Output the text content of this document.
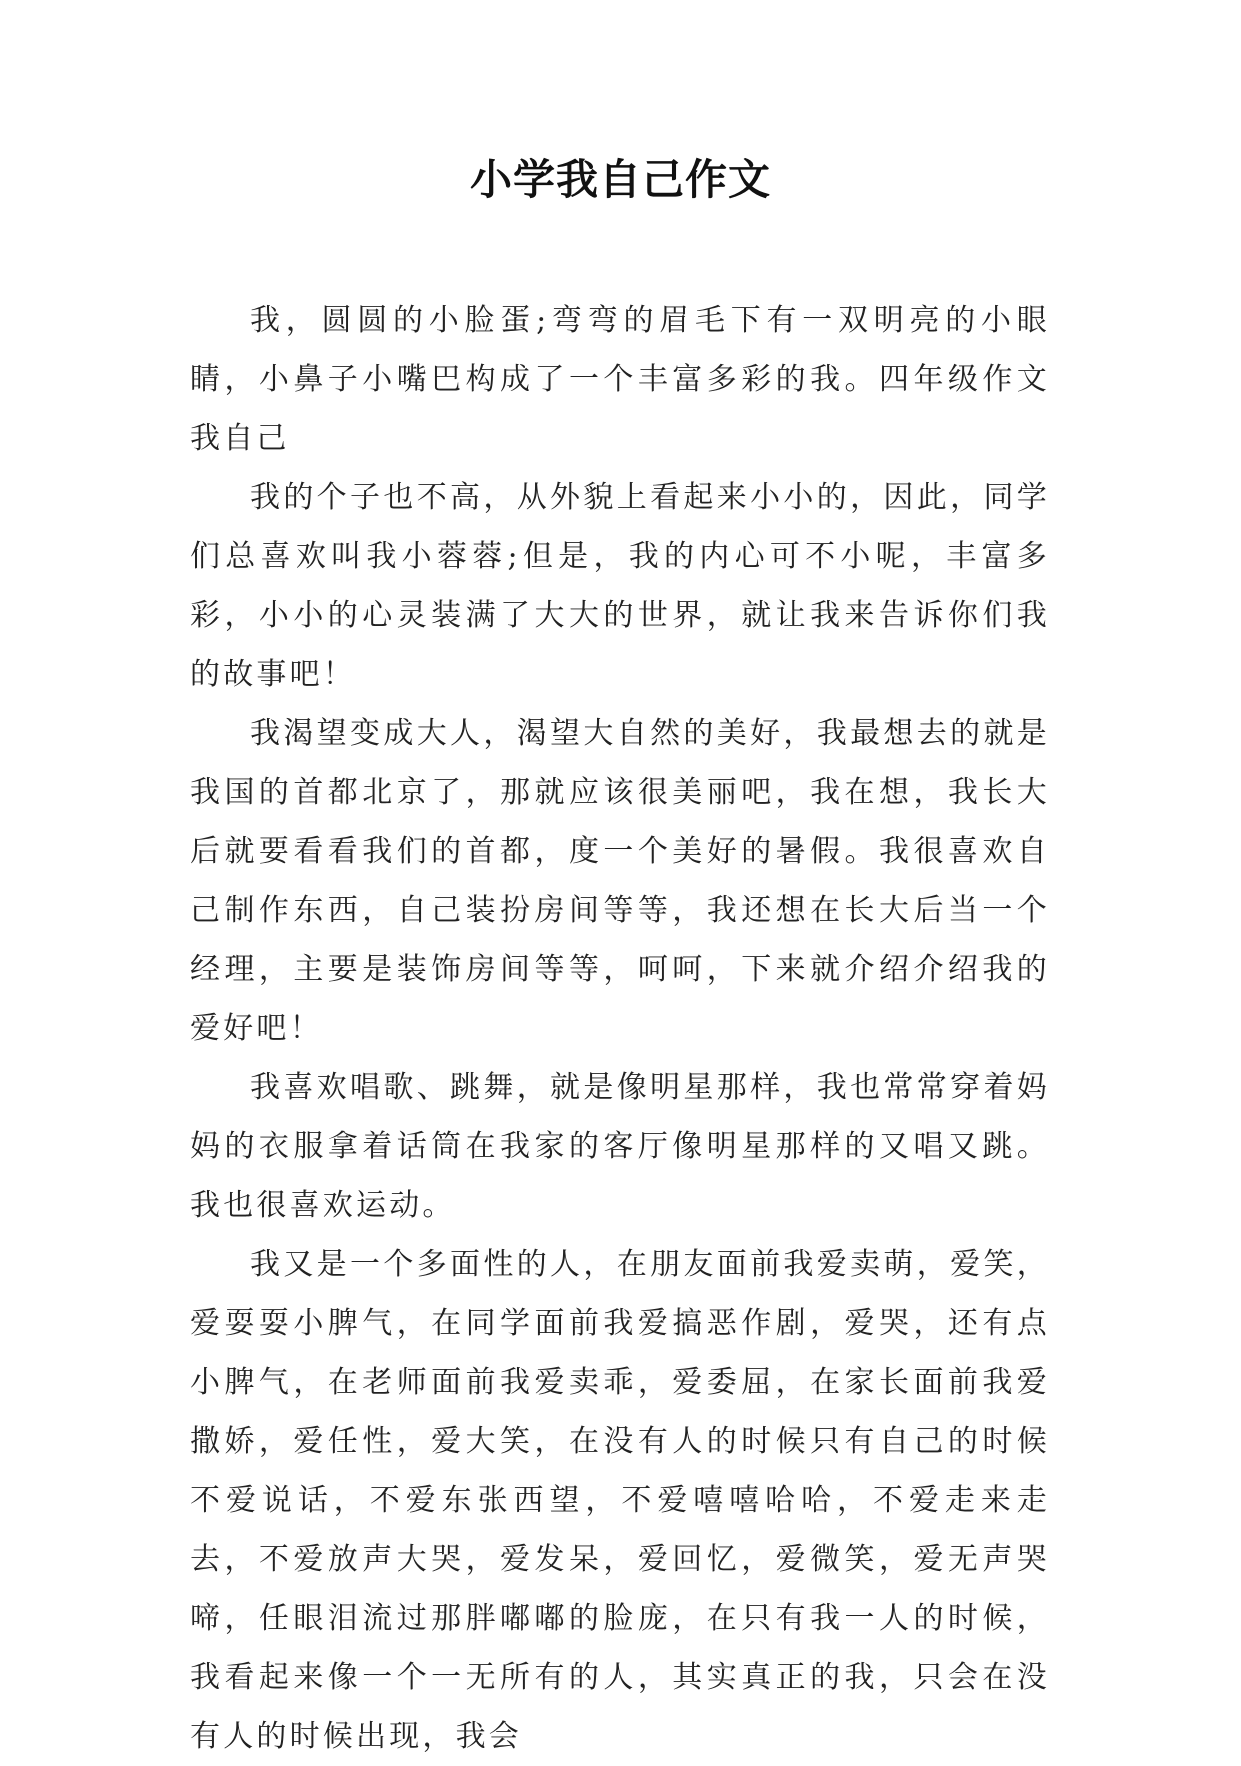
小学我自己作文

我，圆圆的小脸蛋;弯弯的眉毛下有一双明亮的小眼睛，小鼻子小嘴巴构成了一个丰富多彩的我。四年级作文我自己

我的个子也不高，从外貌上看起来小小的，因此，同学们总喜欢叫我小蓉蓉;但是，我的内心可不小呢，丰富多彩，小小的心灵装满了大大的世界，就让我来告诉你们我的故事吧！

我渴望变成大人，渴望大自然的美好，我最想去的就是我国的首都北京了，那就应该很美丽吧，我在想，我长大后就要看看我们的首都，度一个美好的暑假。我很喜欢自己制作东西，自己装扮房间等等，我还想在长大后当一个经理，主要是装饰房间等等，呵呵，下来就介绍介绍我的爱好吧！

我喜欢唱歌、跳舞，就是像明星那样，我也常常穿着妈妈的衣服拿着话筒在我家的客厅像明星那样的又唱又跳。我也很喜欢运动。

我又是一个多面性的人，在朋友面前我爱卖萌，爱笑，爱耍耍小脾气，在同学面前我爱搞恶作剧，爱哭，还有点小脾气，在老师面前我爱卖乖，爱委屈，在家长面前我爱撒娇，爱任性，爱大笑，在没有人的时候只有自己的时候不爱说话，不爱东张西望，不爱嘻嘻哈哈，不爱走来走去，不爱放声大哭，爱发呆，爱回忆，爱微笑，爱无声哭啼，任眼泪流过那胖嘟嘟的脸庞，在只有我一人的时候，我看起来像一个一无所有的人，其实真正的我，只会在没有人的时候出现，我会
